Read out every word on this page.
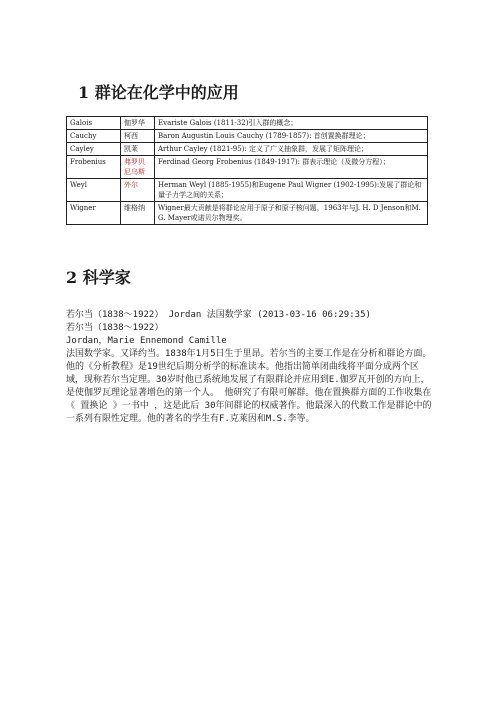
1 群论在化学中的应用
Galois	伽罗华	Evariste Galois (1811-32)引入群的概念；
Cauchy	柯西	Baron Augustin Louis Cauchy (1789-1857): 首创置换群理论；
Cayley	凯莱	Arthur Cayley (1821-95): 定义了广义抽象群，发展了矩阵理论；
Frobenius	弗罗贝尼乌斯	Ferdinad Georg Frobenius (1849-1917): 群表示理论（及微分方程）；
Weyl	外尔	Herman Weyl (1885-1955)和Eugene Paul Wigner (1902-1995):发展了群论和量子力学之间的关系；
Wigner	维格纳	Wigner最大贡献是将群论应用于原子和原子核问题，1963年与J. H. D Jenson和M. G. Mayer或诺贝尔物理奖。
2 科学家

若尔当（1838～1922） Jordan 法国数学家 (2013-03-16 06:29:35)

若尔当（1838～1922）

Jordan，Marie Ennemond Camille

法国数学家。又译约当。1838年1月5日生于里昂。若尔当的主要工作是在分析和群论方面。他的《分析教程》是19世纪后期分析学的标准读本。他指出简单闭曲线将平面分成两个区域，现称若尔当定理。30岁时他已系统地发展了有限群论并应用到E.伽罗瓦开创的方向上，是使伽罗瓦理论显著增色的第一个人。 他研究了有限可解群。他在置换群方面的工作收集在《 置换论 》一书中 ，这是此后 30年间群论的权威著作。他最深入的代数工作是群论中的一系列有限性定理。他的著名的学生有F.克莱因和M.S.李等。
